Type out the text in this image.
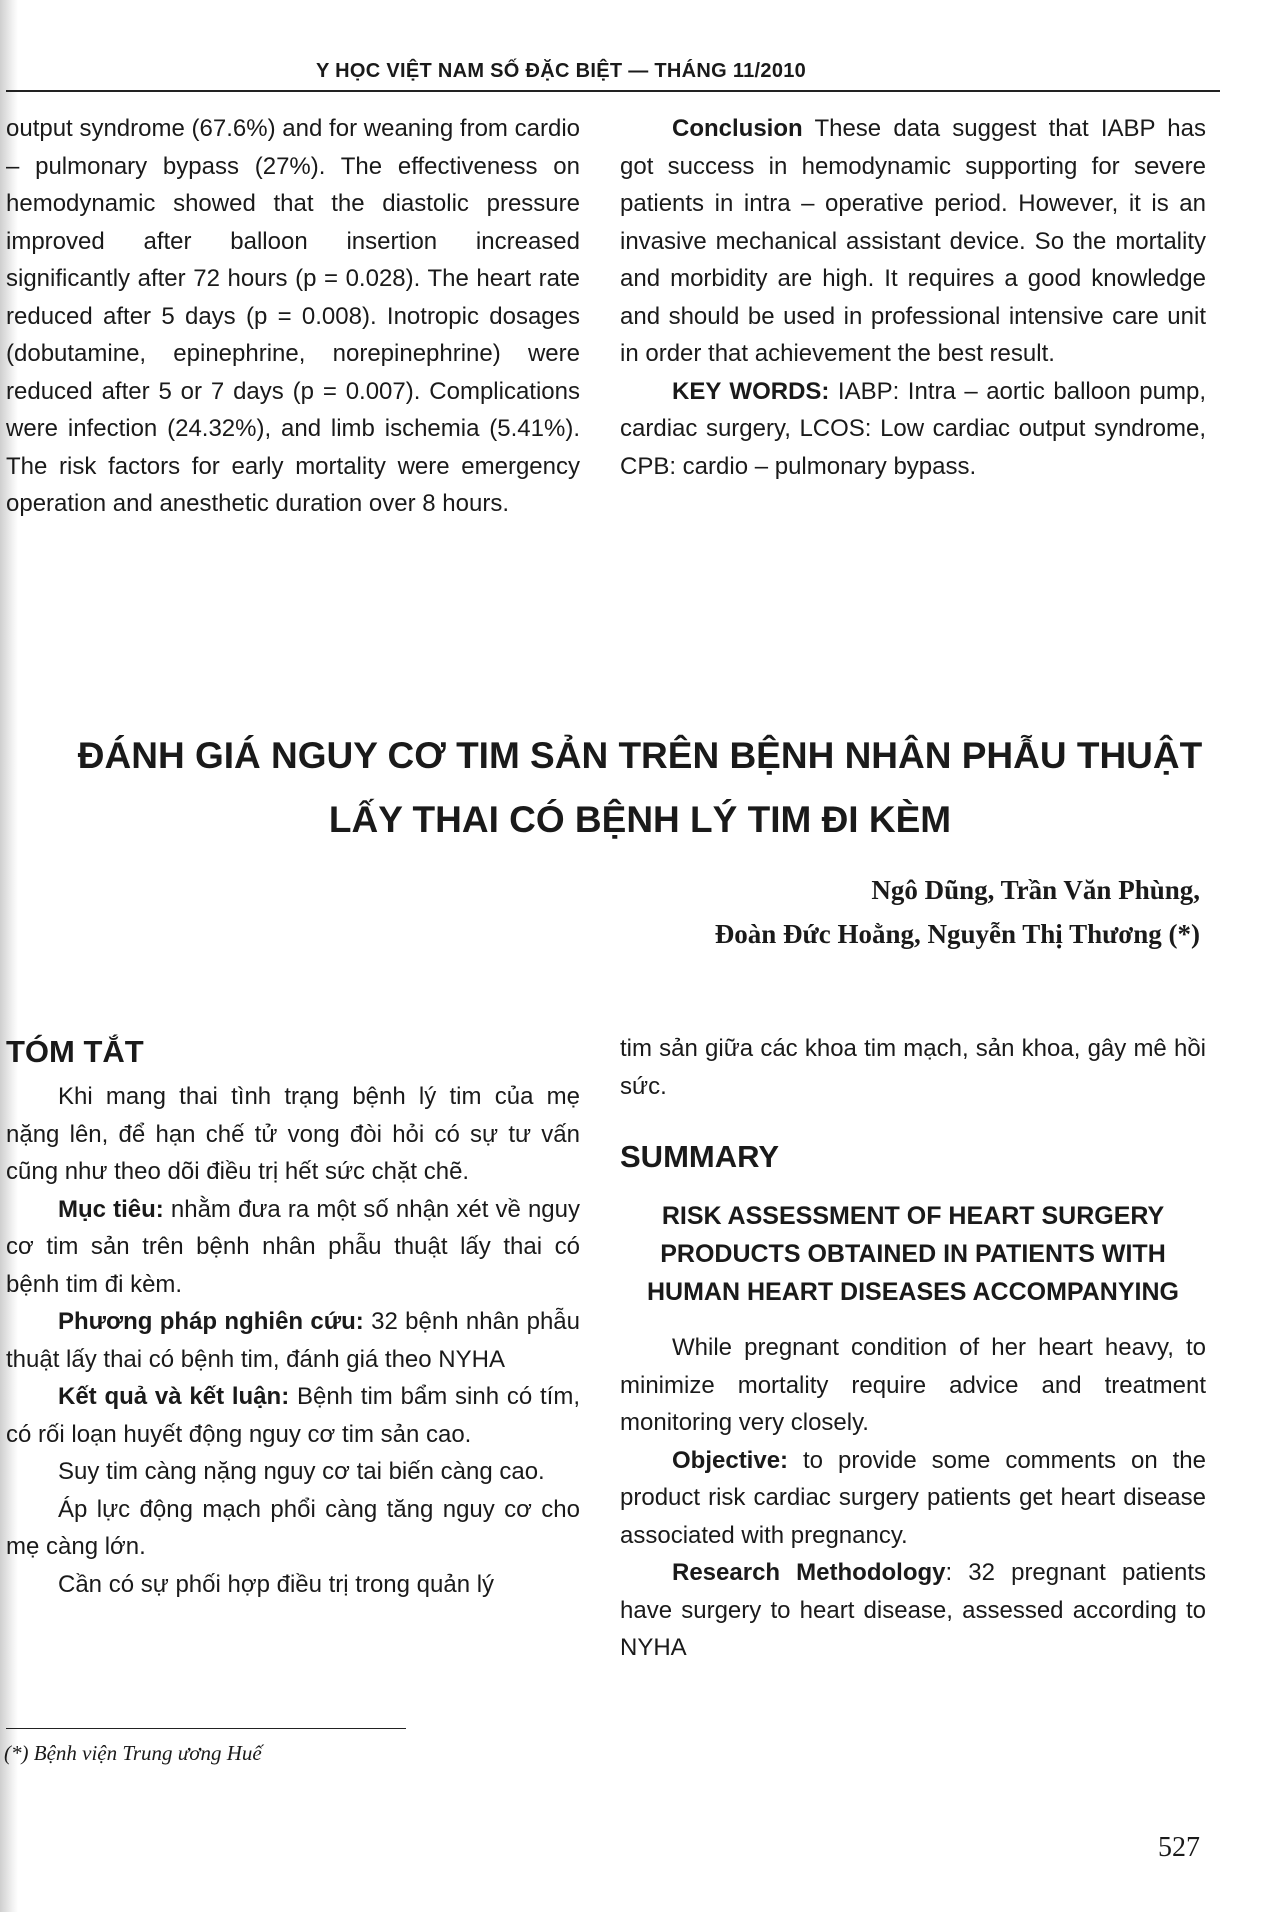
Y HỌC VIỆT NAM SỐ ĐẶC BIỆT — THÁNG 11/2010

output syndrome (67.6%) and for weaning from cardio – pulmonary bypass (27%). The effectiveness on hemodynamic showed that the diastolic pressure improved after balloon insertion increased significantly after 72 hours (p = 0.028). The heart rate reduced after 5 days (p = 0.008). Inotropic dosages (dobutamine, epinephrine, norepinephrine) were reduced after 5 or 7 days (p = 0.007). Complications were infection (24.32%), and limb ischemia (5.41%). The risk factors for early mortality were emergency operation and anesthetic duration over 8 hours.

Conclusion These data suggest that IABP has got success in hemodynamic supporting for severe patients in intra – operative period. However, it is an invasive mechanical assistant device. So the mortality and morbidity are high. It requires a good knowledge and should be used in professional intensive care unit in order that achievement the best result.

KEY WORDS: IABP: Intra – aortic balloon pump, cardiac surgery, LCOS: Low cardiac output syndrome, CPB: cardio – pulmonary bypass.

ĐÁNH GIÁ NGUY CƠ TIM SẢN TRÊN BỆNH NHÂN PHẪU THUẬT
LẤY THAI CÓ BỆNH LÝ TIM ĐI KÈM
Ngô Dũng, Trần Văn Phùng,
Đoàn Đức Hoằng, Nguyễn Thị Thương (*)
TÓM TẮT

Khi mang thai tình trạng bệnh lý tim của mẹ nặng lên, để hạn chế tử vong đòi hỏi có sự tư vấn cũng như theo dõi điều trị hết sức chặt chẽ.

Mục tiêu: nhằm đưa ra một số nhận xét về nguy cơ tim sản trên bệnh nhân phẫu thuật lấy thai có bệnh tim đi kèm.

Phương pháp nghiên cứu: 32 bệnh nhân phẫu thuật lấy thai có bệnh tim, đánh giá theo NYHA

Kết quả và kết luận: Bệnh tim bẩm sinh có tím, có rối loạn huyết động nguy cơ tim sản cao.

Suy tim càng nặng nguy cơ tai biến càng cao.

Áp lực động mạch phổi càng tăng nguy cơ cho mẹ càng lớn.

Cần có sự phối hợp điều trị trong quản lý

tim sản giữa các khoa tim mạch, sản khoa, gây mê hồi sức.

SUMMARY
RISK ASSESSMENT OF HEART SURGERY PRODUCTS OBTAINED IN PATIENTS WITH HUMAN HEART DISEASES ACCOMPANYING

While pregnant condition of her heart heavy, to minimize mortality require advice and treatment monitoring very closely.

Objective: to provide some comments on the product risk cardiac surgery patients get heart disease associated with pregnancy.

Research Methodology: 32 pregnant patients have surgery to heart disease, assessed according to NYHA

(*) Bệnh viện Trung ương Huế
527
